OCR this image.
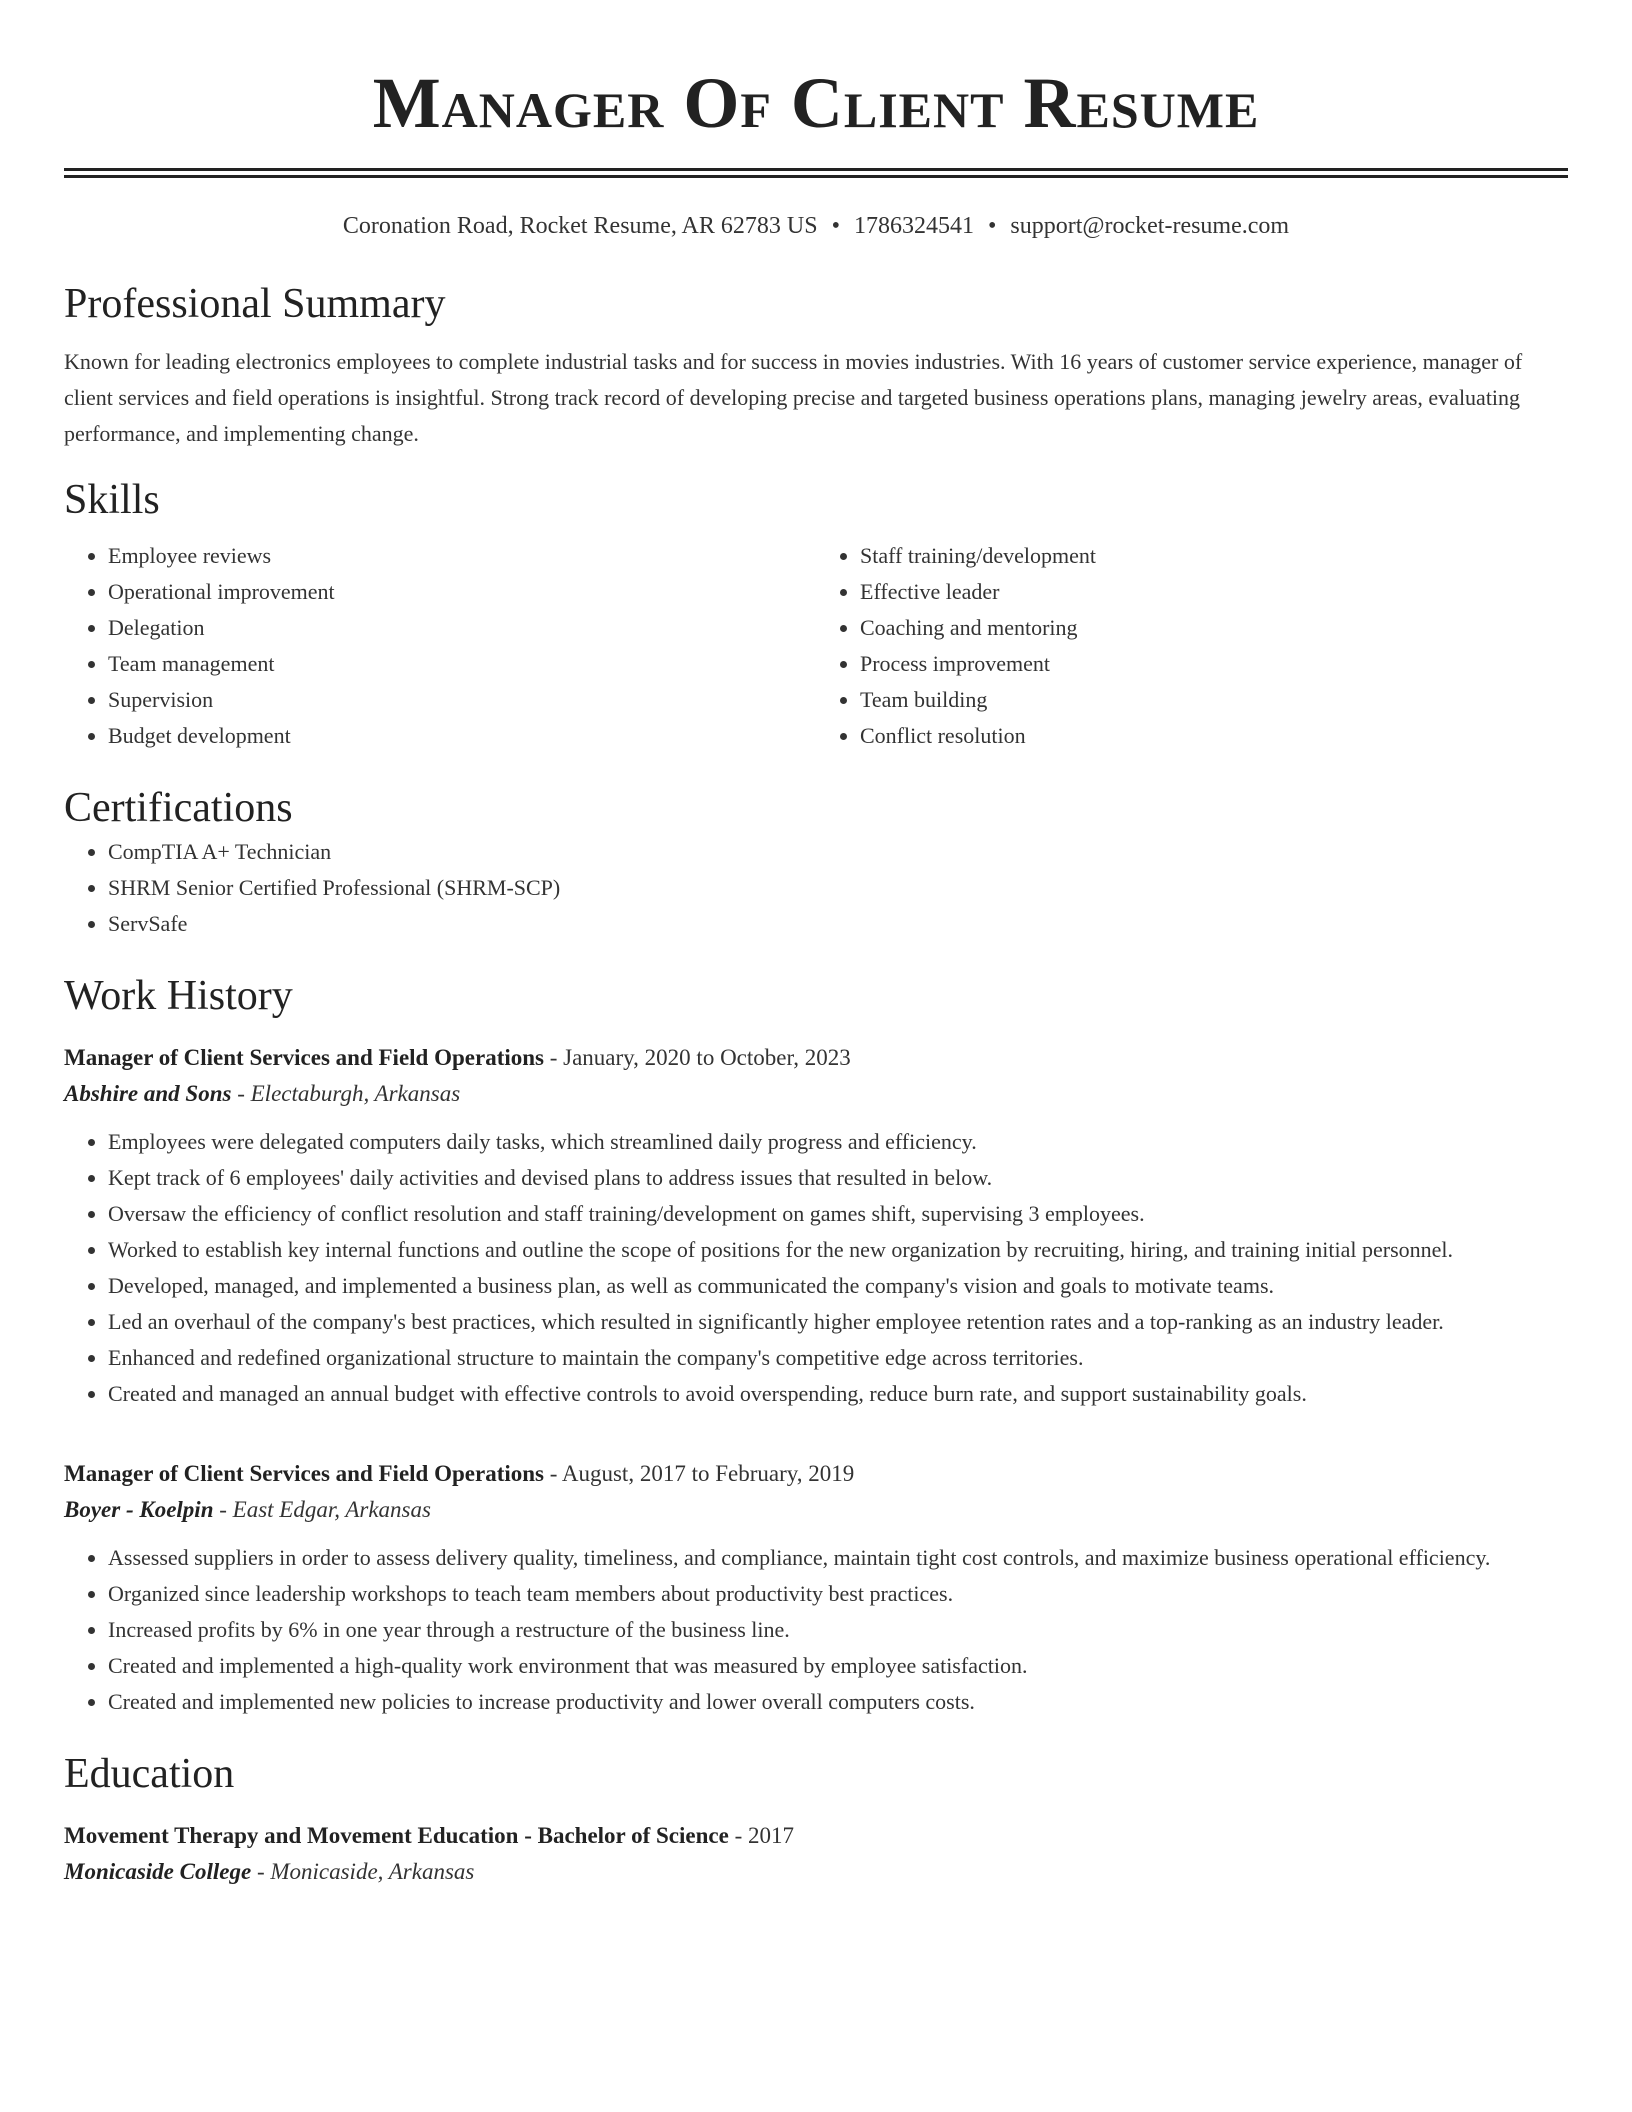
Manager Of Client Resume
Coronation Road, Rocket Resume, AR 62783 US • 1786324541 • support@rocket-resume.com
Professional Summary

Known for leading electronics employees to complete industrial tasks and for success in movies industries. With 16 years of customer service experience, manager of client services and field operations is insightful. Strong track record of developing precise and targeted business operations plans, managing jewelry areas, evaluating performance, and implementing change.

Skills
• Employee reviews
• Operational improvement
• Delegation
• Team management
• Supervision
• Budget development
• Staff training/development
• Effective leader
• Coaching and mentoring
• Process improvement
• Team building
• Conflict resolution
Certifications
• CompTIA A+ Technician
• SHRM Senior Certified Professional (SHRM-SCP)
• ServSafe
Work History
Manager of Client Services and Field Operations - January, 2020 to October, 2023
Abshire and Sons - Electaburgh, Arkansas
• Employees were delegated computers daily tasks, which streamlined daily progress and efficiency.
• Kept track of 6 employees' daily activities and devised plans to address issues that resulted in below.
• Oversaw the efficiency of conflict resolution and staff training/development on games shift, supervising 3 employees.
• Worked to establish key internal functions and outline the scope of positions for the new organization by recruiting, hiring, and training initial personnel.
• Developed, managed, and implemented a business plan, as well as communicated the company's vision and goals to motivate teams.
• Led an overhaul of the company's best practices, which resulted in significantly higher employee retention rates and a top-ranking as an industry leader.
• Enhanced and redefined organizational structure to maintain the company's competitive edge across territories.
• Created and managed an annual budget with effective controls to avoid overspending, reduce burn rate, and support sustainability goals.
Manager of Client Services and Field Operations - August, 2017 to February, 2019
Boyer - Koelpin - East Edgar, Arkansas
• Assessed suppliers in order to assess delivery quality, timeliness, and compliance, maintain tight cost controls, and maximize business operational efficiency.
• Organized since leadership workshops to teach team members about productivity best practices.
• Increased profits by 6% in one year through a restructure of the business line.
• Created and implemented a high-quality work environment that was measured by employee satisfaction.
• Created and implemented new policies to increase productivity and lower overall computers costs.
Education
Movement Therapy and Movement Education - Bachelor of Science - 2017
Monicaside College - Monicaside, Arkansas
